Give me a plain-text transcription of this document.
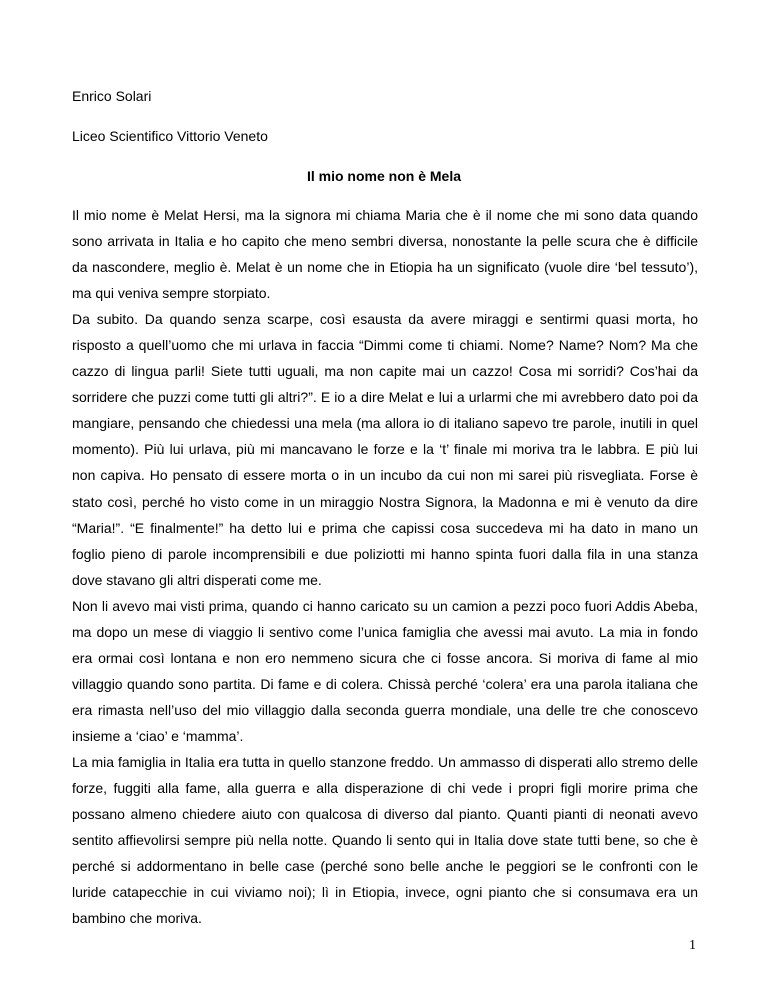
Enrico Solari
Liceo Scientifico Vittorio Veneto
Il mio nome non è Mela

Il mio nome è Melat Hersi, ma la signora mi chiama Maria che è il nome che mi sono data quando sono arrivata in Italia e ho capito che meno sembri diversa, nonostante la pelle scura che è difficile da nascondere, meglio è. Melat è un nome che in Etiopia ha un significato (vuole dire ‘bel tessuto’), ma qui veniva sempre storpiato.

Da subito. Da quando senza scarpe, così esausta da avere miraggi e sentirmi quasi morta, ho risposto a quell’uomo che mi urlava in faccia “Dimmi come ti chiami. Nome? Name? Nom? Ma che cazzo di lingua parli! Siete tutti uguali, ma non capite mai un cazzo! Cosa mi sorridi? Cos’hai da sorridere che puzzi come tutti gli altri?”. E io a dire Melat e lui a urlarmi che mi avrebbero dato poi da mangiare, pensando che chiedessi una mela (ma allora io di italiano sapevo tre parole, inutili in quel momento). Più lui urlava, più mi mancavano le forze e la ‘t’ finale mi moriva tra le labbra. E più lui non capiva. Ho pensato di essere morta o in un incubo da cui non mi sarei più risvegliata. Forse è stato così, perché ho visto come in un miraggio Nostra Signora, la Madonna e mi è venuto da dire “Maria!”. “E finalmente!” ha detto lui e prima che capissi cosa succedeva mi ha dato in mano un foglio pieno di parole incomprensibili e due poliziotti mi hanno spinta fuori dalla fila in una stanza dove stavano gli altri disperati come me.

Non li avevo mai visti prima, quando ci hanno caricato su un camion a pezzi poco fuori Addis Abeba, ma dopo un mese di viaggio li sentivo come l’unica famiglia che avessi mai avuto. La mia in fondo era ormai così lontana e non ero nemmeno sicura che ci fosse ancora. Si moriva di fame al mio villaggio quando sono partita. Di fame e di colera. Chissà perché ‘colera’ era una parola italiana che era rimasta nell’uso del mio villaggio dalla seconda guerra mondiale, una delle tre che conoscevo insieme a ‘ciao’ e ‘mamma’.

La mia famiglia in Italia era tutta in quello stanzone freddo. Un ammasso di disperati allo stremo delle forze, fuggiti alla fame, alla guerra e alla disperazione di chi vede i propri figli morire prima che possano almeno chiedere aiuto con qualcosa di diverso dal pianto. Quanti pianti di neonati avevo sentito affievolirsi sempre più nella notte. Quando li sento qui in Italia dove state tutti bene, so che è perché si addormentano in belle case (perché sono belle anche le peggiori se le confronti con le luride catapecchie in cui viviamo noi); lì in Etiopia, invece, ogni pianto che si consumava era un bambino che moriva.

1
